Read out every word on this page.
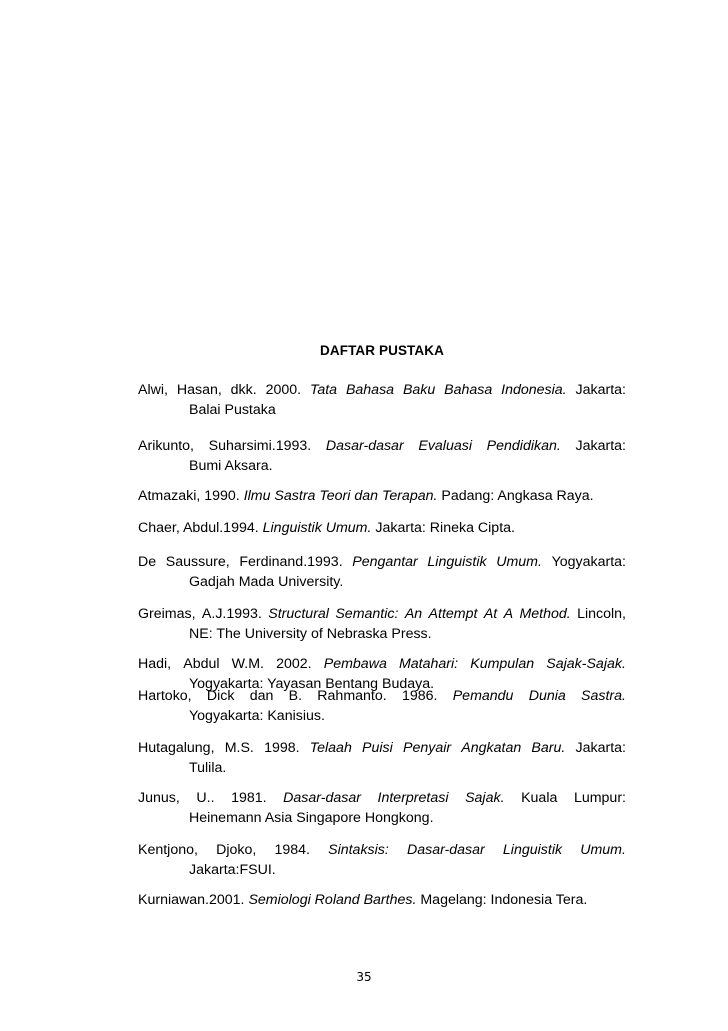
DAFTAR PUSTAKA
Alwi, Hasan, dkk. 2000. Tata Bahasa Baku Bahasa Indonesia. Jakarta:
Balai Pustaka
Arikunto, Suharsimi.1993. Dasar-dasar Evaluasi Pendidikan. Jakarta:
Bumi Aksara.
Atmazaki, 1990. Ilmu Sastra Teori dan Terapan. Padang: Angkasa Raya.
Chaer, Abdul.1994. Linguistik Umum. Jakarta: Rineka Cipta.
De Saussure, Ferdinand.1993. Pengantar Linguistik Umum. Yogyakarta:
Gadjah Mada University.
Greimas, A.J.1993. Structural Semantic: An Attempt At A Method. Lincoln,
NE: The University of Nebraska Press.
Hadi, Abdul W.M. 2002. Pembawa Matahari: Kumpulan Sajak-Sajak.
Yogyakarta: Yayasan Bentang Budaya.
Hartoko, Dick dan B. Rahmanto. 1986. Pemandu Dunia Sastra.
Yogyakarta: Kanisius.
Hutagalung, M.S. 1998. Telaah Puisi Penyair Angkatan Baru. Jakarta:
Tulila.
Junus, U.. 1981. Dasar-dasar Interpretasi Sajak. Kuala Lumpur:
Heinemann Asia Singapore Hongkong.
Kentjono, Djoko, 1984. Sintaksis: Dasar-dasar Linguistik Umum.
Jakarta:FSUI.
Kurniawan.2001. Semiologi Roland Barthes. Magelang: Indonesia Tera.
35
